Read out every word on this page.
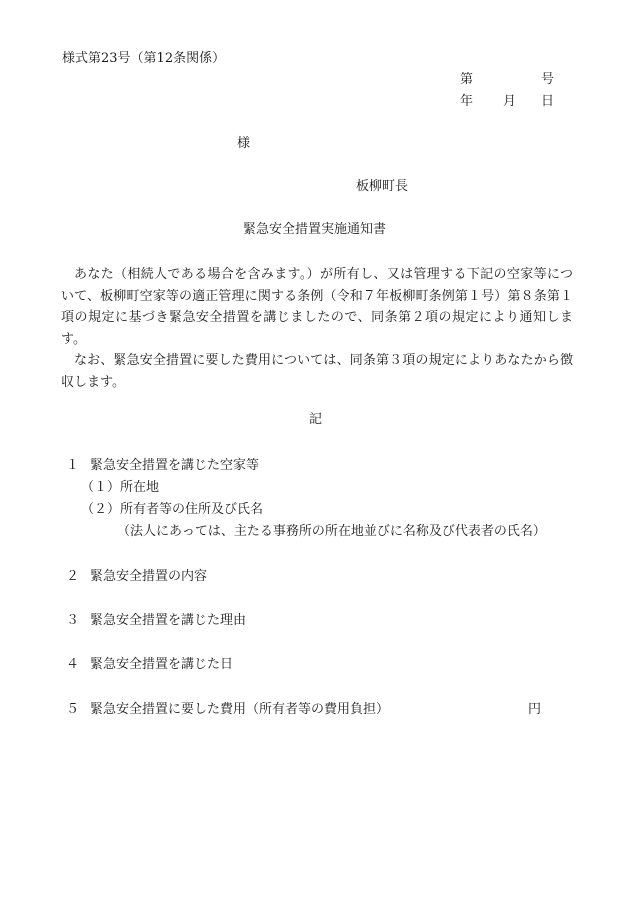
様式第23号（第12条関係）
第	号
年 月 日
様
板柳町長
緊急安全措置実施通知書
あなた（相続人である場合を含みます。）が所有し、又は管理する下記の空家等について、板柳町空家等の適正管理に関する条例（令和７年板柳町条例第１号）第８条第１項の規定に基づき緊急安全措置を講じましたので、同条第２項の規定により通知します。
なお、緊急安全措置に要した費用については、同条第３項の規定によりあなたから徴収します。
記
１ 緊急安全措置を講じた空家等
（１）所在地
（２）所有者等の住所及び氏名
（法人にあっては、主たる事務所の所在地並びに名称及び代表者の氏名）
２ 緊急安全措置の内容
３ 緊急安全措置を講じた理由
４ 緊急安全措置を講じた日
５ 緊急安全措置に要した費用（所有者等の費用負担）	円
